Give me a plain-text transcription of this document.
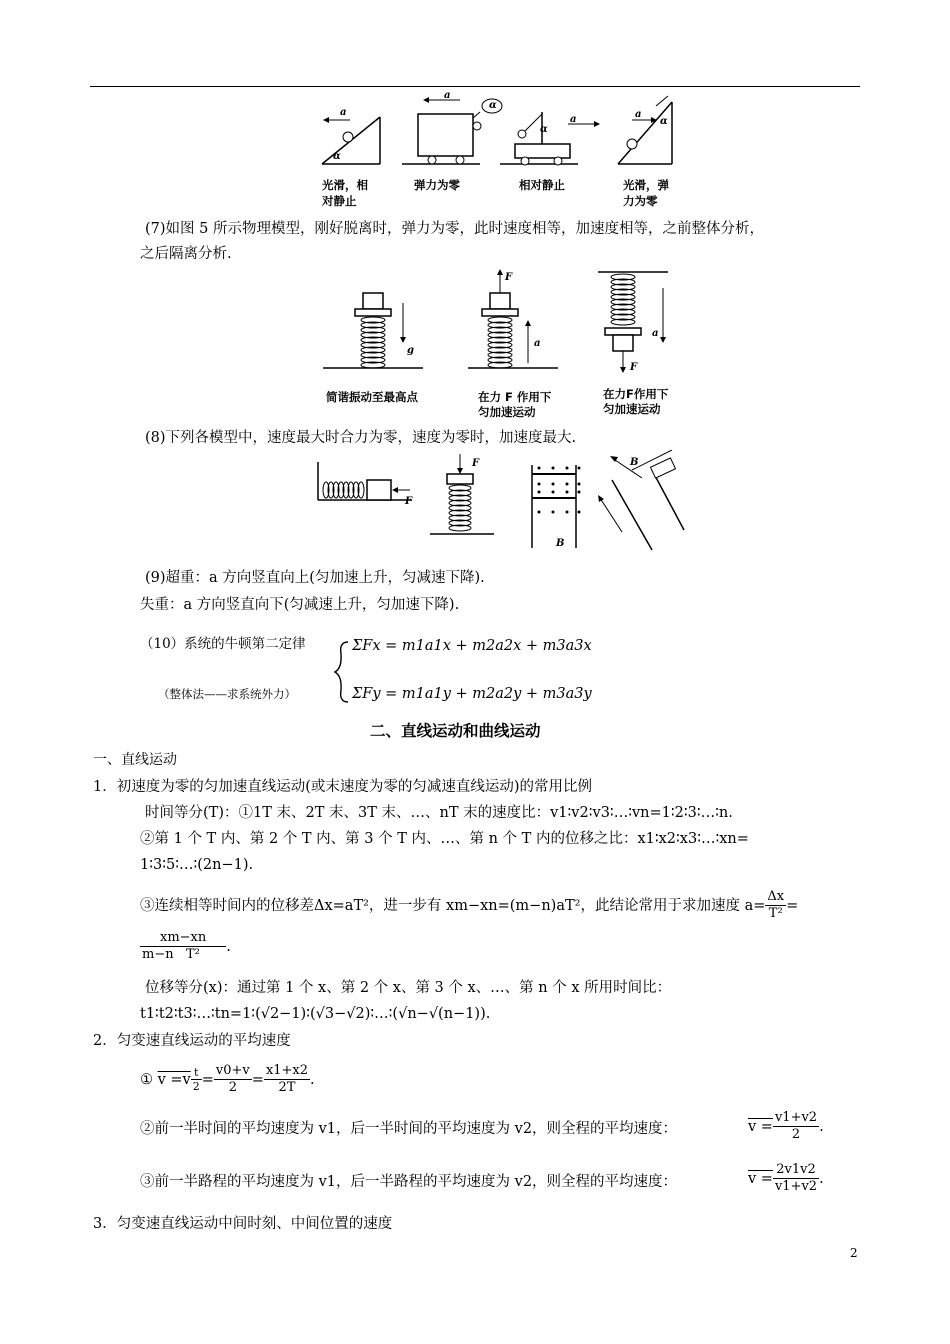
a
α
a
α
α
a	a
α
光滑，相
对静止
弹力为零	相对静止	光滑，弹
力为零
(7)如图 5 所示物理模型，刚好脱离时，弹力为零，此时速度相等，加速度相等，之前整体分析，
之后隔离分析.
g
F
a
a
F
简谐振动至最高点	在力 F 作用下
匀加速运动
在力F作用下
匀加速运动
(8)下列各模型中，速度最大时合力为零，速度为零时，加速度最大.
F
F
B
B
(9)超重：a 方向竖直向上(匀加速上升，匀减速下降).
失重：a 方向竖直向下(匀减速上升，匀加速下降).
（10）系统的牛顿第二定律
（整体法——求系统外力）
ΣFx = m1a1x + m2a2x + m3a3x
ΣFy = m1a1y + m2a2y + m3a3y
二、直线运动和曲线运动
一、直线运动
1．初速度为零的匀加速直线运动(或末速度为零的匀减速直线运动)的常用比例
时间等分(T)：①1T 末、2T 末、3T 末、…、nT 末的速度比：v1∶v2∶v3∶…∶vn=1∶2∶3∶…∶n.
②第 1 个 T 内、第 2 个 T 内、第 3 个 T 内、…、第 n 个 T 内的位移之比：x1∶x2∶x3∶…∶xn=
1∶3∶5∶…∶(2n−1).
③连续相等时间内的位移差Δx=aT²，进一步有 xm−xn=(m−n)aT²，此结论常用于求加速度 $a= \frac{\Delta x}{\text{T²}}$ =
$\frac{xm-xn}{\text{m−n   T²}}$ .
位移等分(x)：通过第 1 个 x、第 2 个 x、第 3 个 x、…、第 n 个 x 所用时间比：
t1∶t2∶t3∶…∶tn=1∶(√2−1)∶(√3−√2)∶…∶(√n−√(n−1)).
2．匀变速直线运动的平均速度
①
$v =v \frac{t}{2} = \frac{v0+v}{2} = \frac{x1+x2}{2T}$ .
②前一半时间的平均速度为 v1，后一半时间的平均速度为 v2，则全程的平均速度：	$v = \frac{v1+v2}{2}$ .
③前一半路程的平均速度为 v1，后一半路程的平均速度为 v2，则全程的平均速度：	$v = \frac{2v1v2}{v1+v2}$ .
3．匀变速直线运动中间时刻、中间位置的速度
2
